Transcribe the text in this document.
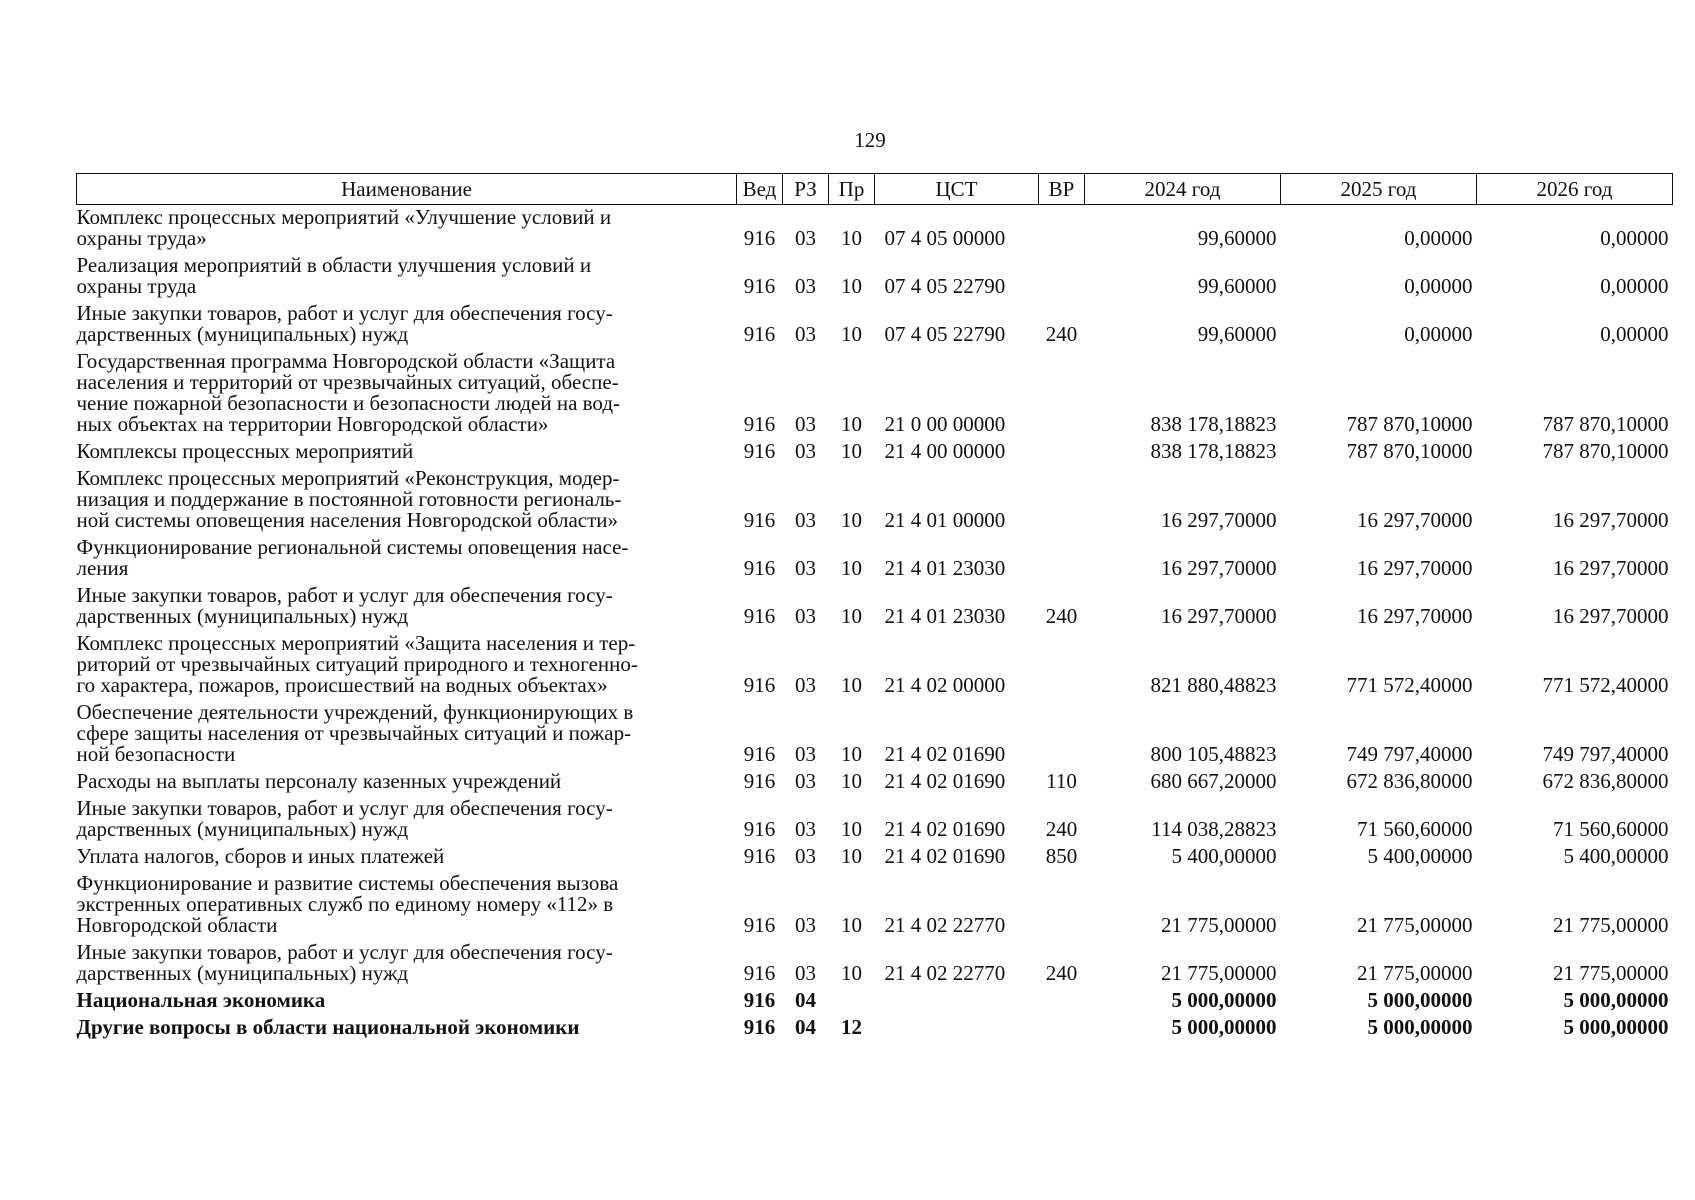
129
Наименование	Вед	РЗ	Пр	ЦСТ	ВР	2024 год	2025 год	2026 год

Комплекс процессных мероприятий «Улучшение условий и
охраны труда»	916	03	10	07 4 05 00000		99,60000	0,00000	0,00000

Реализация мероприятий в области улучшения условий и
охраны труда	916	03	10	07 4 05 22790		99,60000	0,00000	0,00000

Иные закупки товаров, работ и услуг для обеспечения госу-
дарственных (муниципальных) нужд	916	03	10	07 4 05 22790	240	99,60000	0,00000	0,00000

Государственная программа Новгородской области «Защита
населения и территорий от чрезвычайных ситуаций, обеспе-
чение пожарной безопасности и безопасности людей на вод-
ных объектах на территории Новгородской области»	916	03	10	21 0 00 00000		838 178,18823	787 870,10000	787 870,10000

Комплексы процессных мероприятий	916	03	10	21 4 00 00000		838 178,18823	787 870,10000	787 870,10000

Комплекс процессных мероприятий «Реконструкция, модер-
низация и поддержание в постоянной готовности региональ-
ной системы оповещения населения Новгородской области»	916	03	10	21 4 01 00000		16 297,70000	16 297,70000	16 297,70000

Функционирование региональной системы оповещения насе-
ления	916	03	10	21 4 01 23030		16 297,70000	16 297,70000	16 297,70000

Иные закупки товаров, работ и услуг для обеспечения госу-
дарственных (муниципальных) нужд	916	03	10	21 4 01 23030	240	16 297,70000	16 297,70000	16 297,70000

Комплекс процессных мероприятий «Защита населения и тер-
риторий от чрезвычайных ситуаций природного и техногенно-
го характера, пожаров, происшествий на водных объектах»	916	03	10	21 4 02 00000		821 880,48823	771 572,40000	771 572,40000

Обеспечение деятельности учреждений, функционирующих в
сфере защиты населения от чрезвычайных ситуаций и пожар-
ной безопасности	916	03	10	21 4 02 01690		800 105,48823	749 797,40000	749 797,40000

Расходы на выплаты персоналу казенных учреждений	916	03	10	21 4 02 01690	110	680 667,20000	672 836,80000	672 836,80000

Иные закупки товаров, работ и услуг для обеспечения госу-
дарственных (муниципальных) нужд	916	03	10	21 4 02 01690	240	114 038,28823	71 560,60000	71 560,60000

Уплата налогов, сборов и иных платежей	916	03	10	21 4 02 01690	850	5 400,00000	5 400,00000	5 400,00000

Функционирование и развитие системы обеспечения вызова
экстренных оперативных служб по единому номеру «112» в
Новгородской области	916	03	10	21 4 02 22770		21 775,00000	21 775,00000	21 775,00000

Иные закупки товаров, работ и услуг для обеспечения госу-
дарственных (муниципальных) нужд	916	03	10	21 4 02 22770	240	21 775,00000	21 775,00000	21 775,00000

Национальная экономика	916	04				5 000,00000	5 000,00000	5 000,00000

Другие вопросы в области национальной экономики	916	04	12			5 000,00000	5 000,00000	5 000,00000
